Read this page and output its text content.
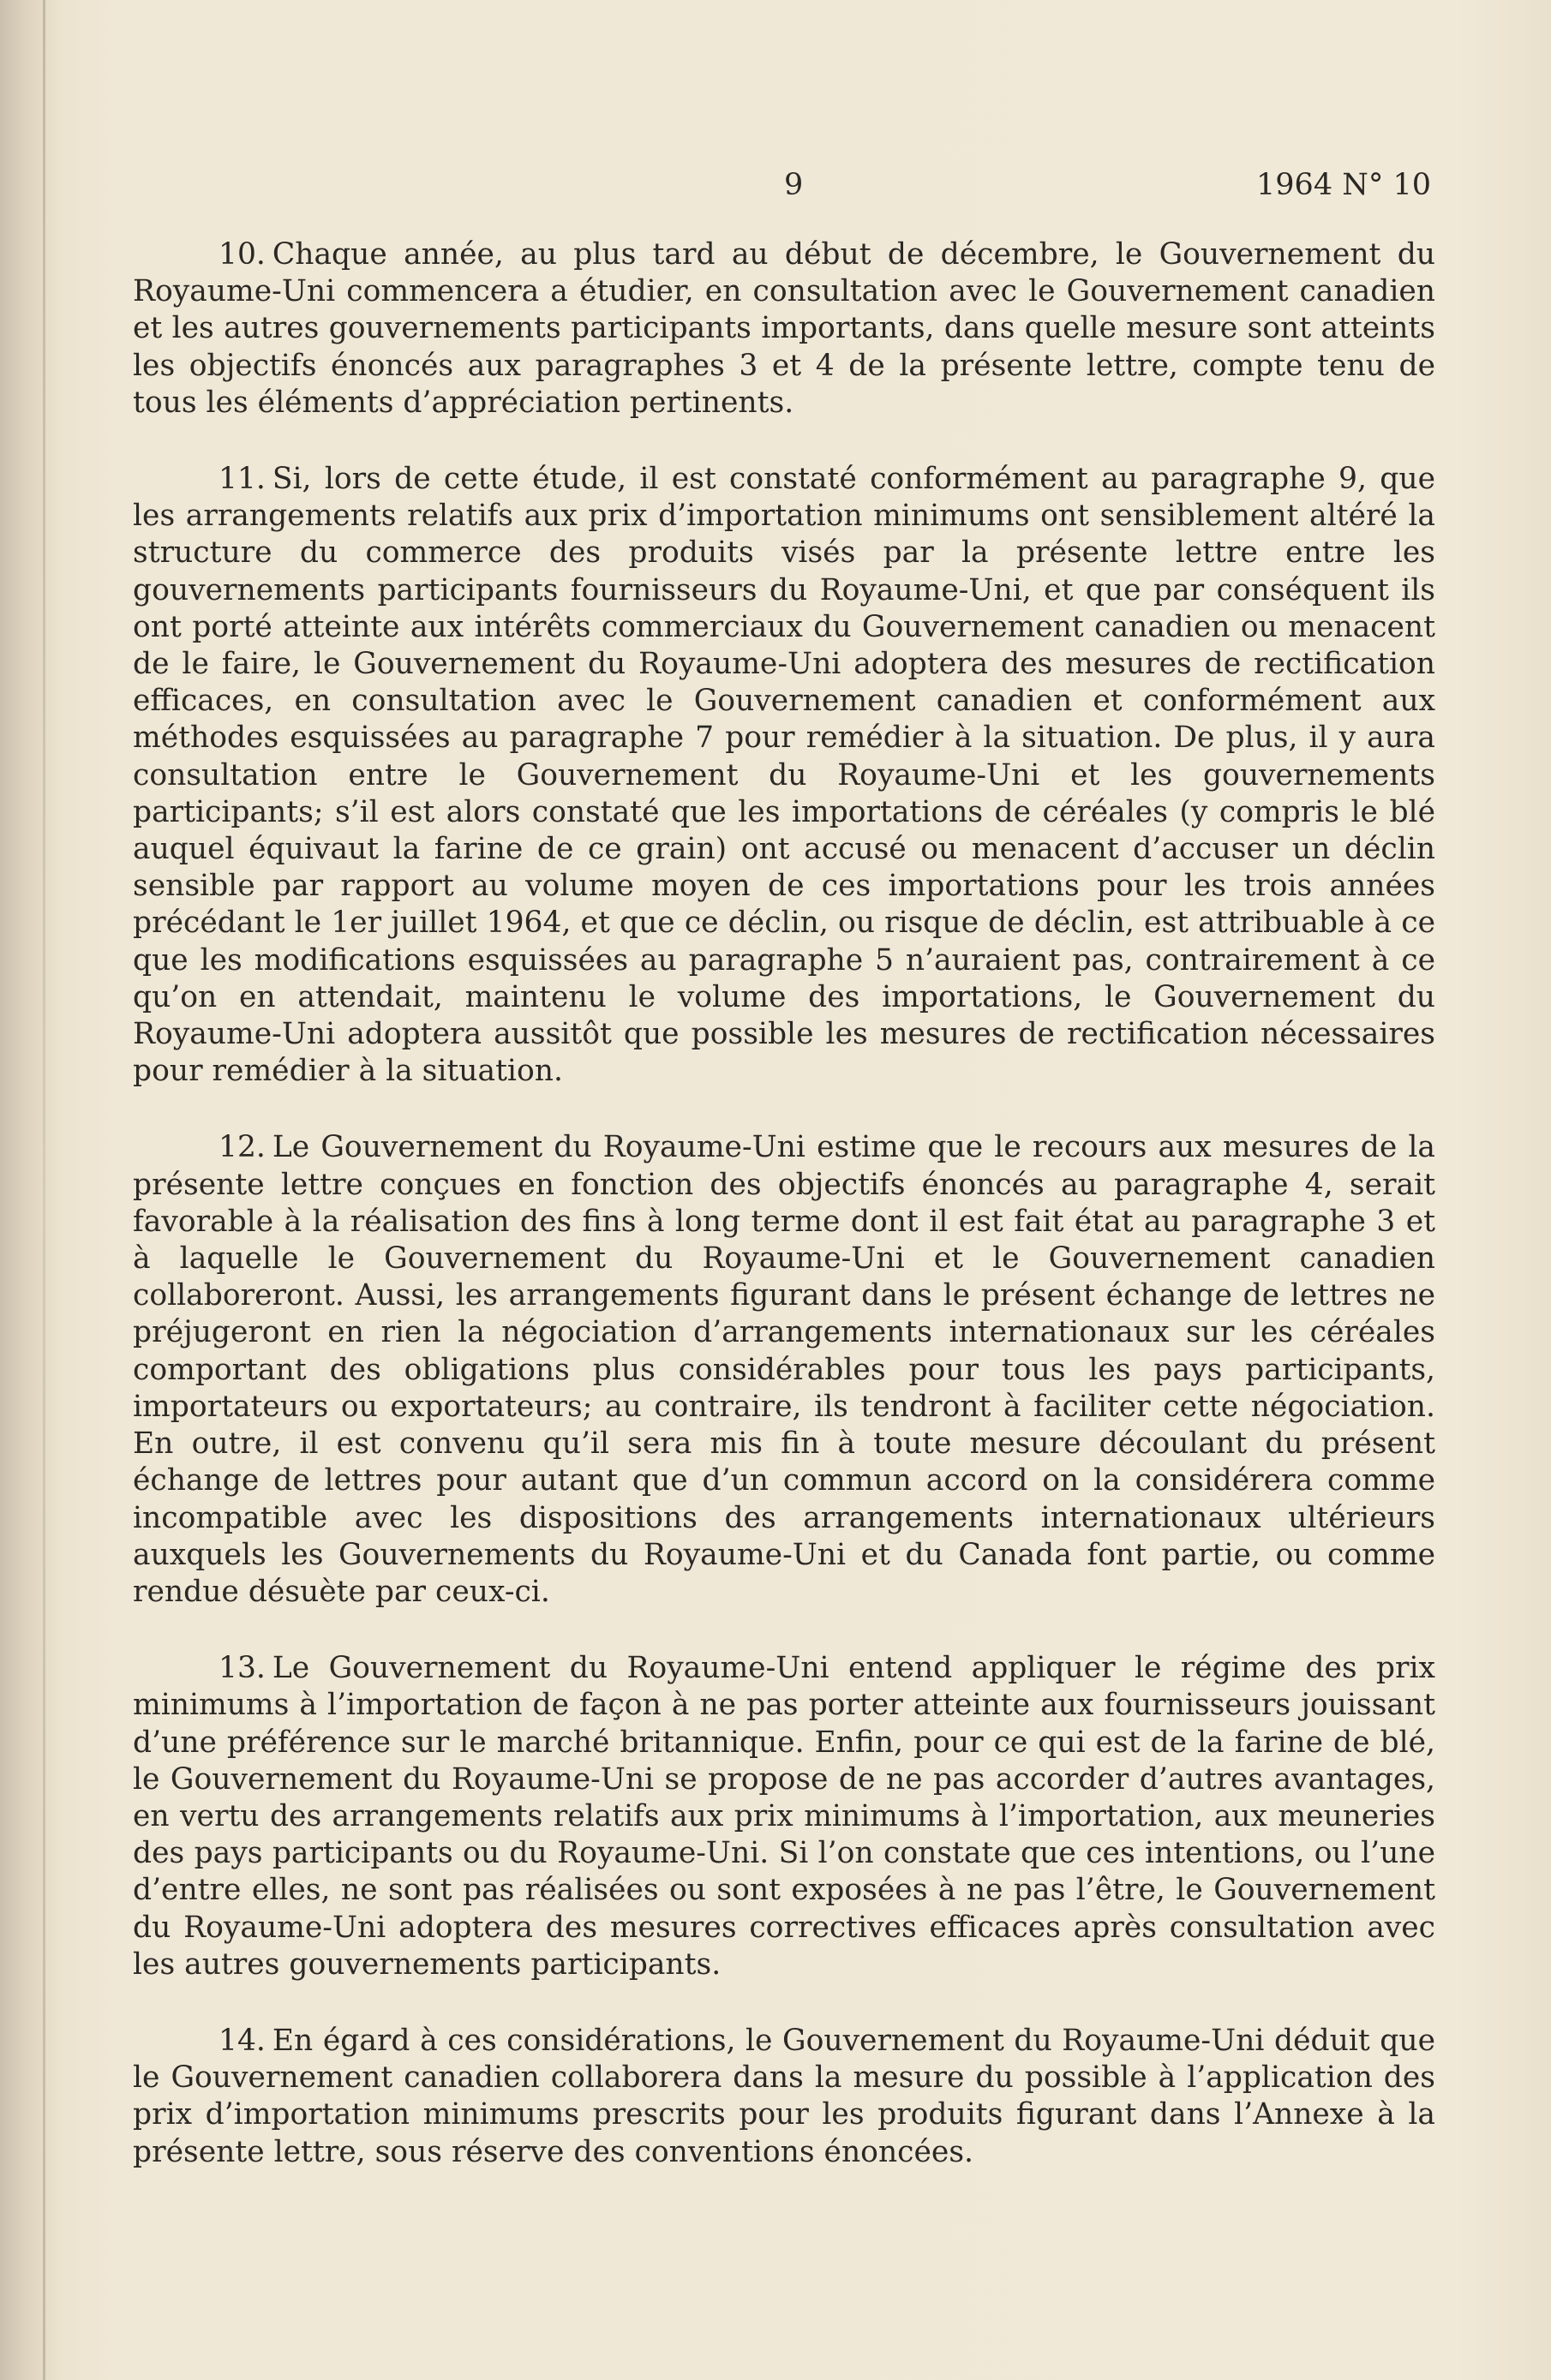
9	1964 N° 10

10. Chaque année, au plus tard au début de décembre, le Gouvernement du Royaume-Uni commencera a étudier, en consultation avec le Gouvernement canadien et les autres gouvernements participants importants, dans quelle mesure sont atteints les objectifs énoncés aux paragraphes 3 et 4 de la présente lettre, compte tenu de tous les éléments d’appréciation pertinents.

11. Si, lors de cette étude, il est constaté conformément au paragraphe 9, que les arrangements relatifs aux prix d’importation minimums ont sensiblement altéré la structure du commerce des produits visés par la présente lettre entre les gouvernements participants fournisseurs du Royaume-Uni, et que par conséquent ils ont porté atteinte aux intérêts commerciaux du Gouvernement canadien ou menacent de le faire, le Gouvernement du Royaume-Uni adoptera des mesures de rectification efficaces, en consultation avec le Gouvernement canadien et conformément aux méthodes esquissées au paragraphe 7 pour remédier à la situation. De plus, il y aura consultation entre le Gouvernement du Royaume-Uni et les gouvernements participants; s’il est alors constaté que les importations de céréales (y compris le blé auquel équivaut la farine de ce grain) ont accusé ou menacent d’accuser un déclin sensible par rapport au volume moyen de ces importations pour les trois années précédant le 1er juillet 1964, et que ce déclin, ou risque de déclin, est attribuable à ce que les modifications esquissées au paragraphe 5 n’auraient pas, contrairement à ce qu’on en attendait, maintenu le volume des importations, le Gouvernement du Royaume-Uni adoptera aussitôt que possible les mesures de rectification nécessaires pour remédier à la situation.

12. Le Gouvernement du Royaume-Uni estime que le recours aux mesures de la présente lettre conçues en fonction des objectifs énoncés au paragraphe 4, serait favorable à la réalisation des fins à long terme dont il est fait état au paragraphe 3 et à laquelle le Gouvernement du Royaume-Uni et le Gouvernement canadien collaboreront. Aussi, les arrangements figurant dans le présent échange de lettres ne préjugeront en rien la négociation d’arrangements internationaux sur les céréales comportant des obligations plus considérables pour tous les pays participants, importateurs ou exportateurs; au contraire, ils tendront à faciliter cette négociation. En outre, il est convenu qu’il sera mis fin à toute mesure découlant du présent échange de lettres pour autant que d’un commun accord on la considérera comme incompatible avec les dispositions des arrangements internationaux ultérieurs auxquels les Gouvernements du Royaume-Uni et du Canada font partie, ou comme rendue désuète par ceux-ci.

13. Le Gouvernement du Royaume-Uni entend appliquer le régime des prix minimums à l’importation de façon à ne pas porter atteinte aux fournisseurs jouissant d’une préférence sur le marché britannique. Enfin, pour ce qui est de la farine de blé, le Gouvernement du Royaume-Uni se propose de ne pas accorder d’autres avantages, en vertu des arrangements relatifs aux prix minimums à l’importation, aux meuneries des pays participants ou du Royaume-Uni. Si l’on constate que ces intentions, ou l’une d’entre elles, ne sont pas réalisées ou sont exposées à ne pas l’être, le Gouvernement du Royaume-Uni adoptera des mesures correctives efficaces après consultation avec les autres gouvernements participants.

14. En égard à ces considérations, le Gouvernement du Royaume-Uni déduit que le Gouvernement canadien collaborera dans la mesure du possible à l’application des prix d’importation minimums prescrits pour les produits figurant dans l’Annexe à la présente lettre, sous réserve des conventions énoncées.
